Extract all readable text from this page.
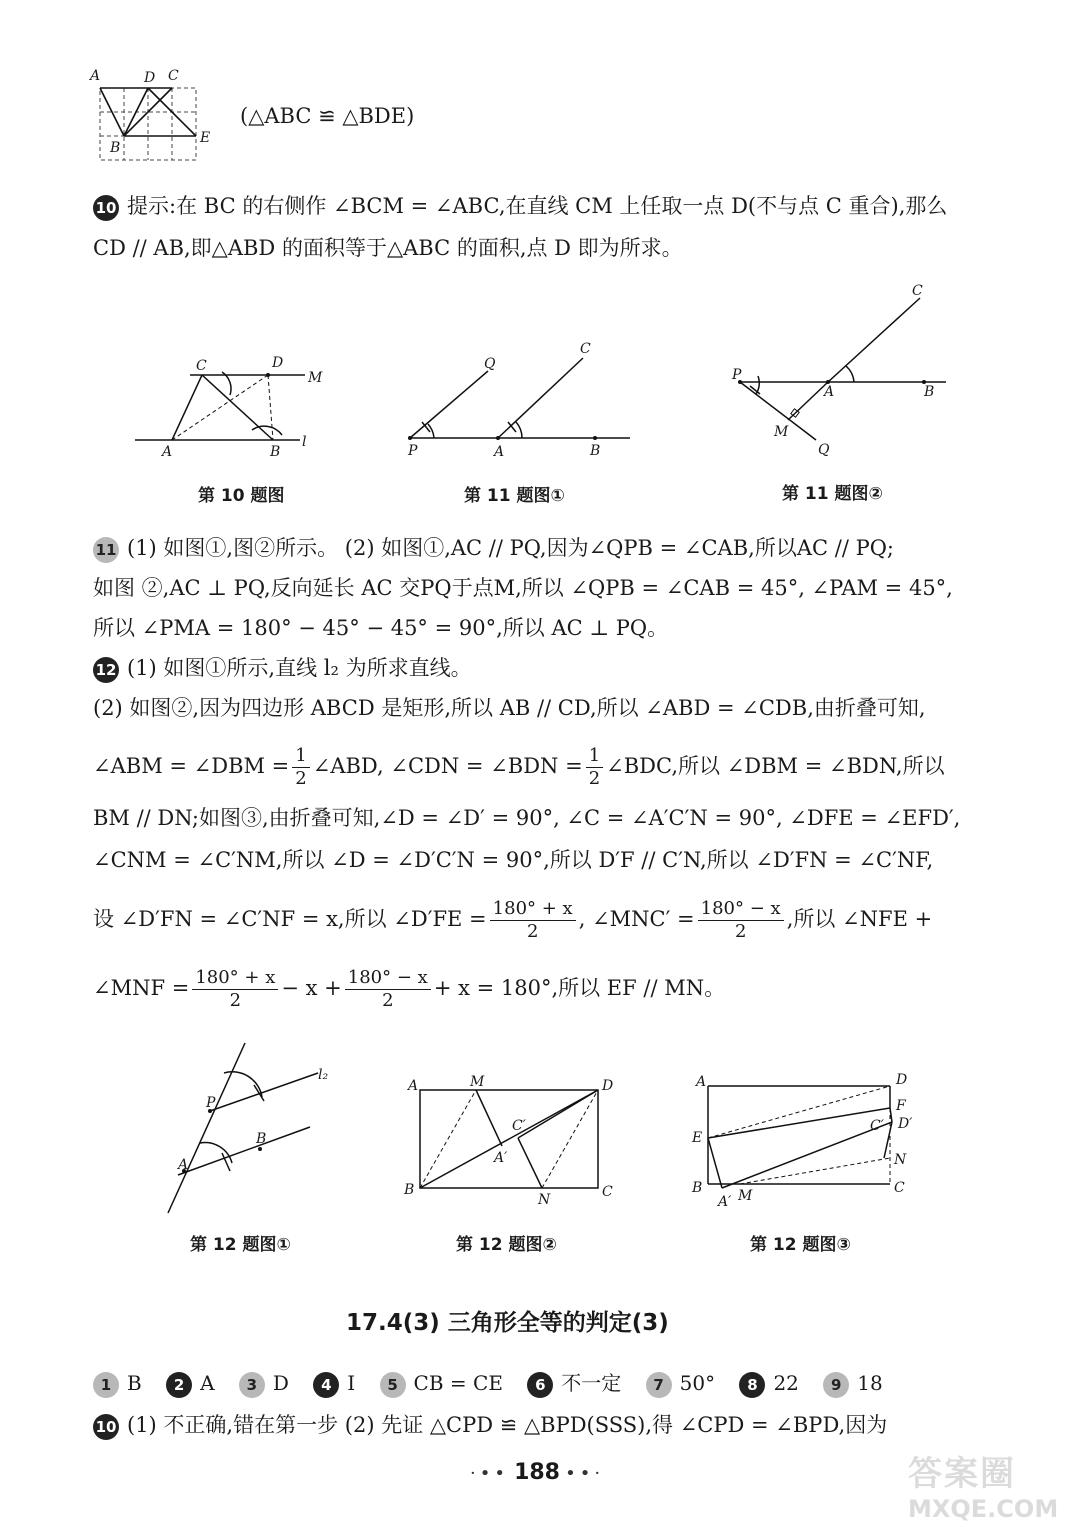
A	D C
B
E
(△ABC ≌ △BDE)
10 提示:在 BC 的右侧作 ∠BCM = ∠ABC,在直线 CM 上任取一点 D(不与点 C 重合),那么
CD // AB,即△ABD 的面积等于△ABC 的面积,点 D 即为所求。
C	D
M
A	B
l
第 10 题图
Q
C
P	A	B
第 11 题图①
C
P
A	B
M
Q
第 11 题图②
11 (1) 如图①,图②所示。 (2) 如图①,AC // PQ,因为∠QPB = ∠CAB,所以AC // PQ;
如图 ②,AC ⊥ PQ,反向延长 AC 交PQ于点M,所以 ∠QPB = ∠CAB = 45°, ∠PAM = 45°,
所以 ∠PMA = 180° − 45° − 45° = 90°,所以 AC ⊥ PQ。
12 (1) 如图①所示,直线 l₂ 为所求直线。
(2) 如图②,因为四边形 ABCD 是矩形,所以 AB // CD,所以 ∠ABD = ∠CDB,由折叠可知,
∠ABM = ∠DBM = $\frac{1}{2}$ ∠ABD, ∠CDN = ∠BDN = $\frac{1}{2}$ ∠BDC,所以 ∠DBM = ∠BDN,所以
BM // DN;如图③,由折叠可知,∠D = ∠D′ = 90°, ∠C = ∠A′C′N = 90°, ∠DFE = ∠EFD′,
∠CNM = ∠C′NM,所以 ∠D = ∠D′C′N = 90°,所以 D′F // C′N,所以 ∠D′FN = ∠C′NF,
设 ∠D′FN = ∠C′NF = x,所以 ∠D′FE = $\frac{180^\circ + x}{2}$ , ∠MNC′ = $\frac{180^\circ - x}{2}$ ,所以 ∠NFE +
∠MNF = $\frac{180^\circ + x}{2} - x + \frac{180^\circ - x}{2} + x = 180^\circ$,所以 EF // MN。
l₂
P
B
A
第 12 题图①
A	M	D
C′
A′
B
N	C
第 12 题图②
A	D
F
C′ D′
E
N
B
A′ M	C
第 12 题图③
17.4(3) 三角形全等的判定(3)
1 B 2 A 3 D 4 I 5 CB = CE 6 不一定 7 50° 8 22 9 18
10 (1) 不正确,错在第一步 (2) 先证 △CPD ≌ △BPD(SSS),得 ∠CPD = ∠BPD,因为
·•• 188 ••·	答案圈
MXQE.COM
